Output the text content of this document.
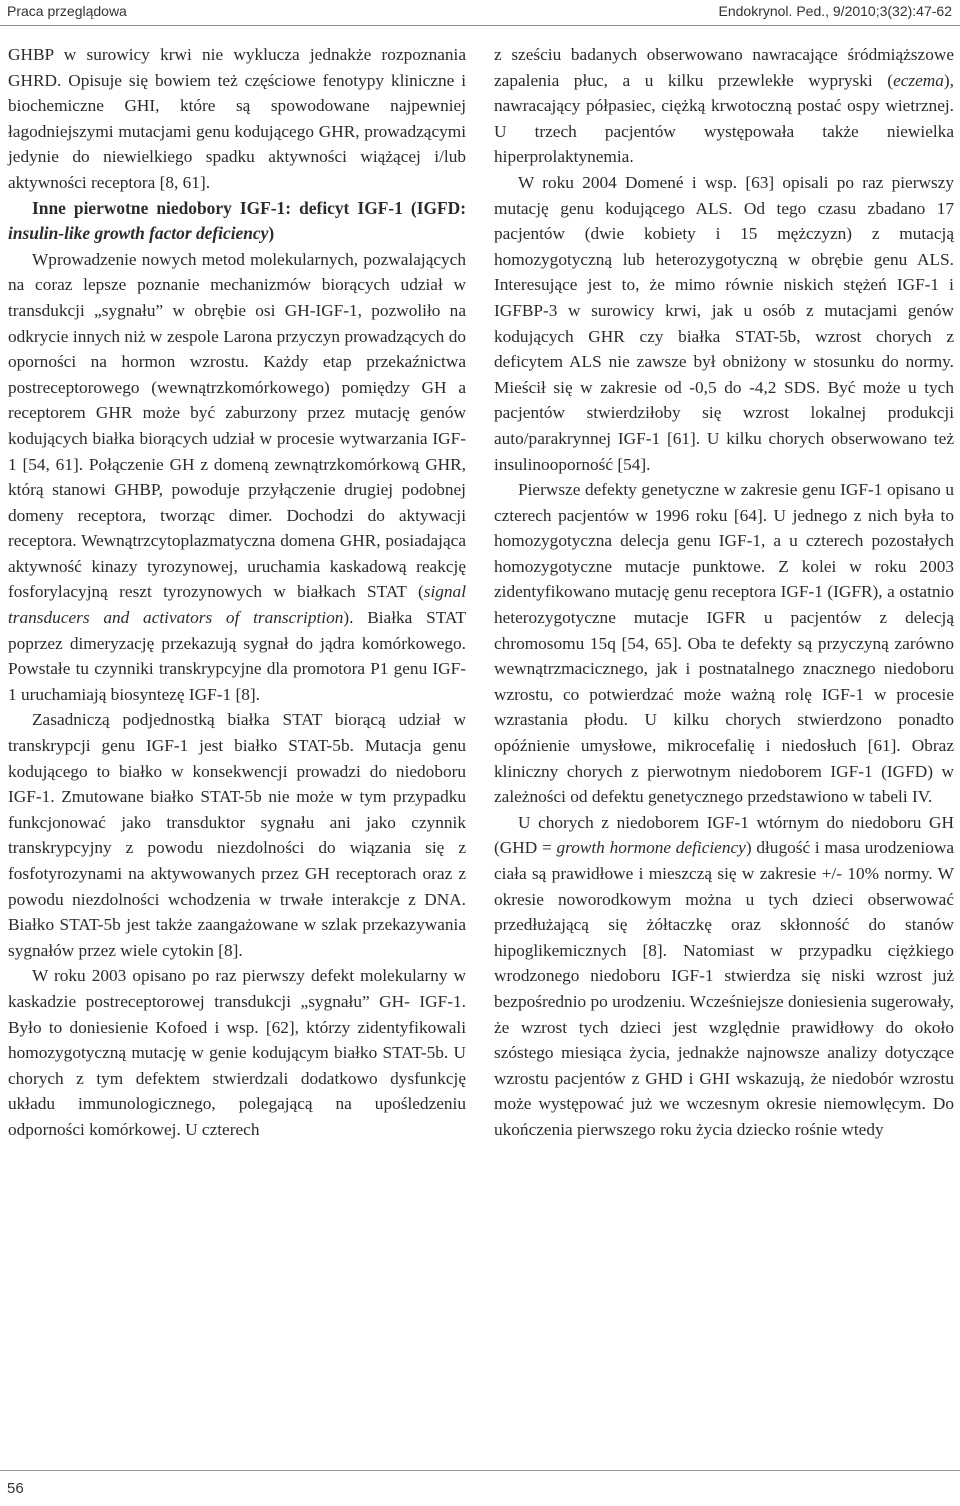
Praca przeglądowa	Endokrynol. Ped., 9/2010;3(32):47-62

GHBP w surowicy krwi nie wyklucza jednakże rozpoznania GHRD. Opisuje się bowiem też częściowe fenotypy kliniczne i biochemiczne GHI, które są spowodowane najpewniej łagodniejszymi mutacjami genu kodującego GHR, prowadzącymi jedynie do niewielkiego spadku aktywności wiążącej i/lub aktywności receptora [8, 61].

Inne pierwotne niedobory IGF-1: deficyt IGF-1 (IGFD: insulin-like growth factor deficiency)

Wprowadzenie nowych metod molekularnych, pozwalających na coraz lepsze poznanie mechanizmów biorących udział w transdukcji „sygnału” w obrębie osi GH-IGF-1, pozwoliło na odkrycie innych niż w zespole Larona przyczyn prowadzących do oporności na hormon wzrostu. Każdy etap przekaźnictwa postreceptorowego (wewnątrzkomórkowego) pomiędzy GH a receptorem GHR może być zaburzony przez mutację genów kodujących białka biorących udział w procesie wytwarzania IGF-1 [54, 61]. Połączenie GH z domeną zewnątrzkomórkową GHR, którą stanowi GHBP, powoduje przyłączenie drugiej podobnej domeny receptora, tworząc dimer. Dochodzi do aktywacji receptora. Wewnątrzcytoplazmatyczna domena GHR, posiadająca aktywność kinazy tyrozynowej, uruchamia kaskadową reakcję fosforylacyjną reszt tyrozynowych w białkach STAT (signal transducers and activators of transcription). Białka STAT poprzez dimeryzację przekazują sygnał do jądra komórkowego. Powstałe tu czynniki transkrypcyjne dla promotora P1 genu IGF-1 uruchamiają biosyntezę IGF-1 [8].

Zasadniczą podjednostką białka STAT biorącą udział w transkrypcji genu IGF-1 jest białko STAT-5b. Mutacja genu kodującego to białko w konsekwencji prowadzi do niedoboru IGF-1. Zmutowane białko STAT-5b nie może w tym przypadku funkcjonować jako transduktor sygnału ani jako czynnik transkrypcyjny z powodu niezdolności do wiązania się z fosfotyrozynami na aktywowanych przez GH receptorach oraz z powodu niezdolności wchodzenia w trwałe interakcje z DNA. Białko STAT-5b jest także zaangażowane w szlak przekazywania sygnałów przez wiele cytokin [8].

W roku 2003 opisano po raz pierwszy defekt molekularny w kaskadzie postreceptorowej transdukcji „sygnału” GH- IGF-1. Było to doniesienie Kofoed i wsp. [62], którzy zidentyfikowali homozygotyczną mutację w genie kodującym białko STAT-5b. U chorych z tym defektem stwierdzali dodatkowo dysfunkcję układu immunologicznego, polegającą na upośledzeniu odporności komórkowej. U czterech

z sześciu badanych obserwowano nawracające śródmiąższowe zapalenia płuc, a u kilku przewlekłe wypryski (eczema), nawracający półpasiec, ciężką krwotoczną postać ospy wietrznej. U trzech pacjentów występowała także niewielka hiperprolaktynemia.

W roku 2004 Domené i wsp. [63] opisali po raz pierwszy mutację genu kodującego ALS. Od tego czasu zbadano 17 pacjentów (dwie kobiety i 15 mężczyzn) z mutacją homozygotyczną lub heterozygotyczną w obrębie genu ALS. Interesujące jest to, że mimo równie niskich stężeń IGF-1 i IGFBP-3 w surowicy krwi, jak u osób z mutacjami genów kodujących GHR czy białka STAT-5b, wzrost chorych z deficytem ALS nie zawsze był obniżony w stosunku do normy. Mieścił się w zakresie od -0,5 do -4,2 SDS. Być może u tych pacjentów stwierdziłoby się wzrost lokalnej produkcji auto/parakrynnej IGF-1 [61]. U kilku chorych obserwowano też insulinooporność [54].

Pierwsze defekty genetyczne w zakresie genu IGF-1 opisano u czterech pacjentów w 1996 roku [64]. U jednego z nich była to homozygotyczna delecja genu IGF-1, a u czterech pozostałych homozygotyczne mutacje punktowe. Z kolei w roku 2003 zidentyfikowano mutację genu receptora IGF-1 (IGFR), a ostatnio heterozygotyczne mutacje IGFR u pacjentów z delecją chromosomu 15q [54, 65]. Oba te defekty są przyczyną zarówno wewnątrzmacicznego, jak i postnatalnego znacznego niedoboru wzrostu, co potwierdzać może ważną rolę IGF-1 w procesie wzrastania płodu. U kilku chorych stwierdzono ponadto opóźnienie umysłowe, mikrocefalię i niedosłuch [61]. Obraz kliniczny chorych z pierwotnym niedoborem IGF-1 (IGFD) w zależności od defektu genetycznego przedstawiono w tabeli IV.

U chorych z niedoborem IGF-1 wtórnym do niedoboru GH (GHD = growth hormone deficiency) długość i masa urodzeniowa ciała są prawidłowe i mieszczą się w zakresie +/- 10% normy. W okresie noworodkowym można u tych dzieci obserwować przedłużającą się żółtaczkę oraz skłonność do stanów hipoglikemicznych [8]. Natomiast w przypadku ciężkiego wrodzonego niedoboru IGF-1 stwierdza się niski wzrost już bezpośrednio po urodzeniu. Wcześniejsze doniesienia sugerowały, że wzrost tych dzieci jest względnie prawidłowy do około szóstego miesiąca życia, jednakże najnowsze analizy dotyczące wzrostu pacjentów z GHD i GHI wskazują, że niedobór wzrostu może występować już we wczesnym okresie niemowlęcym. Do ukończenia pierwszego roku życia dziecko rośnie wtedy

56
